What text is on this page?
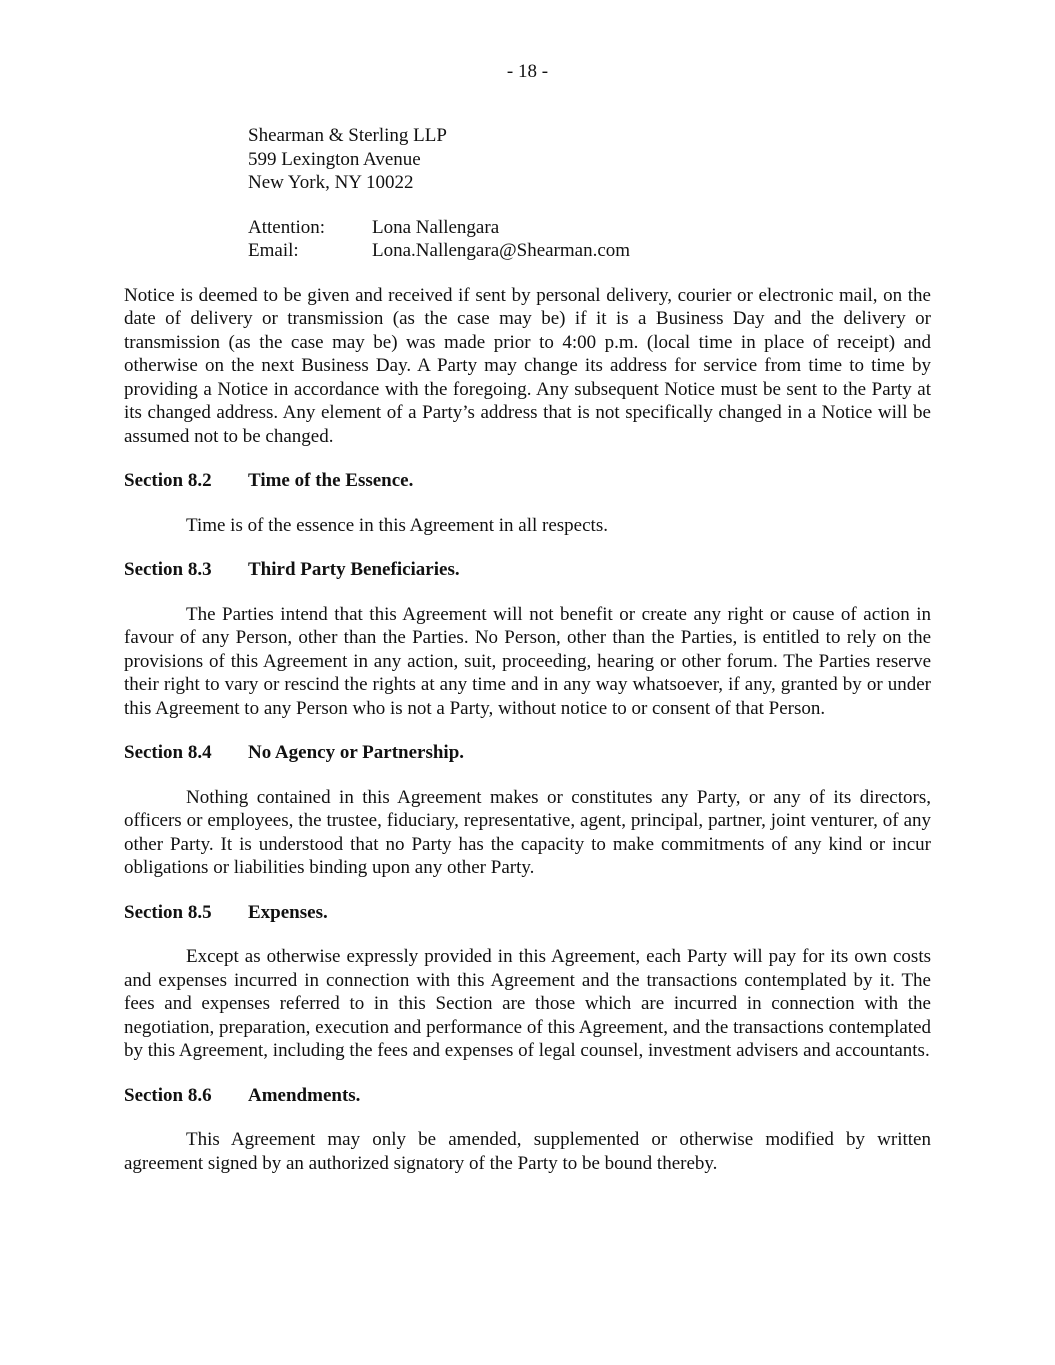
- 18 -
Shearman & Sterling LLP
599 Lexington Avenue
New York, NY 10022
Attention:	Lona Nallengara
Email:	Lona.Nallengara@Shearman.com

Notice is deemed to be given and received if sent by personal delivery, courier or electronic mail, on the date of delivery or transmission (as the case may be) if it is a Business Day and the delivery or transmission (as the case may be) was made prior to 4:00 p.m. (local time in place of receipt) and otherwise on the next Business Day. A Party may change its address for service from time to time by providing a Notice in accordance with the foregoing. Any subsequent Notice must be sent to the Party at its changed address. Any element of a Party’s address that is not specifically changed in a Notice will be assumed not to be changed.

Section 8.2	Time of the Essence.

Time is of the essence in this Agreement in all respects.

Section 8.3	Third Party Beneficiaries.

The Parties intend that this Agreement will not benefit or create any right or cause of action in favour of any Person, other than the Parties. No Person, other than the Parties, is entitled to rely on the provisions of this Agreement in any action, suit, proceeding, hearing or other forum. The Parties reserve their right to vary or rescind the rights at any time and in any way whatsoever, if any, granted by or under this Agreement to any Person who is not a Party, without notice to or consent of that Person.

Section 8.4	No Agency or Partnership.

Nothing contained in this Agreement makes or constitutes any Party, or any of its directors, officers or employees, the trustee, fiduciary, representative, agent, principal, partner, joint venturer, of any other Party. It is understood that no Party has the capacity to make commitments of any kind or incur obligations or liabilities binding upon any other Party.

Section 8.5	Expenses.

Except as otherwise expressly provided in this Agreement, each Party will pay for its own costs and expenses incurred in connection with this Agreement and the transactions contemplated by it. The fees and expenses referred to in this Section are those which are incurred in connection with the negotiation, preparation, execution and performance of this Agreement, and the transactions contemplated by this Agreement, including the fees and expenses of legal counsel, investment advisers and accountants.

Section 8.6	Amendments.

This Agreement may only be amended, supplemented or otherwise modified by written agreement signed by an authorized signatory of the Party to be bound thereby.
